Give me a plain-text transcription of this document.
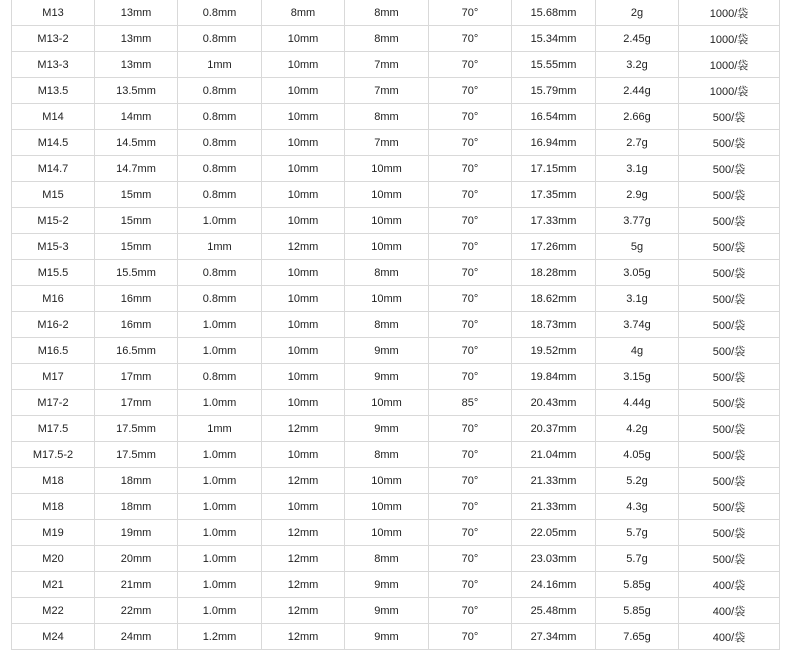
M13	13mm	0.8mm	8mm	8mm	70°	15.68mm	2g	1000/袋
M13-2	13mm	0.8mm	10mm	8mm	70°	15.34mm	2.45g	1000/袋
M13-3	13mm	1mm	10mm	7mm	70°	15.55mm	3.2g	1000/袋
M13.5	13.5mm	0.8mm	10mm	7mm	70°	15.79mm	2.44g	1000/袋
M14	14mm	0.8mm	10mm	8mm	70°	16.54mm	2.66g	500/袋
M14.5	14.5mm	0.8mm	10mm	7mm	70°	16.94mm	2.7g	500/袋
M14.7	14.7mm	0.8mm	10mm	10mm	70°	17.15mm	3.1g	500/袋
M15	15mm	0.8mm	10mm	10mm	70°	17.35mm	2.9g	500/袋
M15-2	15mm	1.0mm	10mm	10mm	70°	17.33mm	3.77g	500/袋
M15-3	15mm	1mm	12mm	10mm	70°	17.26mm	5g	500/袋
M15.5	15.5mm	0.8mm	10mm	8mm	70°	18.28mm	3.05g	500/袋
M16	16mm	0.8mm	10mm	10mm	70°	18.62mm	3.1g	500/袋
M16-2	16mm	1.0mm	10mm	8mm	70°	18.73mm	3.74g	500/袋
M16.5	16.5mm	1.0mm	10mm	9mm	70°	19.52mm	4g	500/袋
M17	17mm	0.8mm	10mm	9mm	70°	19.84mm	3.15g	500/袋
M17-2	17mm	1.0mm	10mm	10mm	85°	20.43mm	4.44g	500/袋
M17.5	17.5mm	1mm	12mm	9mm	70°	20.37mm	4.2g	500/袋
M17.5-2	17.5mm	1.0mm	10mm	8mm	70°	21.04mm	4.05g	500/袋
M18	18mm	1.0mm	12mm	10mm	70°	21.33mm	5.2g	500/袋
M18	18mm	1.0mm	10mm	10mm	70°	21.33mm	4.3g	500/袋
M19	19mm	1.0mm	12mm	10mm	70°	22.05mm	5.7g	500/袋
M20	20mm	1.0mm	12mm	8mm	70°	23.03mm	5.7g	500/袋
M21	21mm	1.0mm	12mm	9mm	70°	24.16mm	5.85g	400/袋
M22	22mm	1.0mm	12mm	9mm	70°	25.48mm	5.85g	400/袋
M24	24mm	1.2mm	12mm	9mm	70°	27.34mm	7.65g	400/袋
